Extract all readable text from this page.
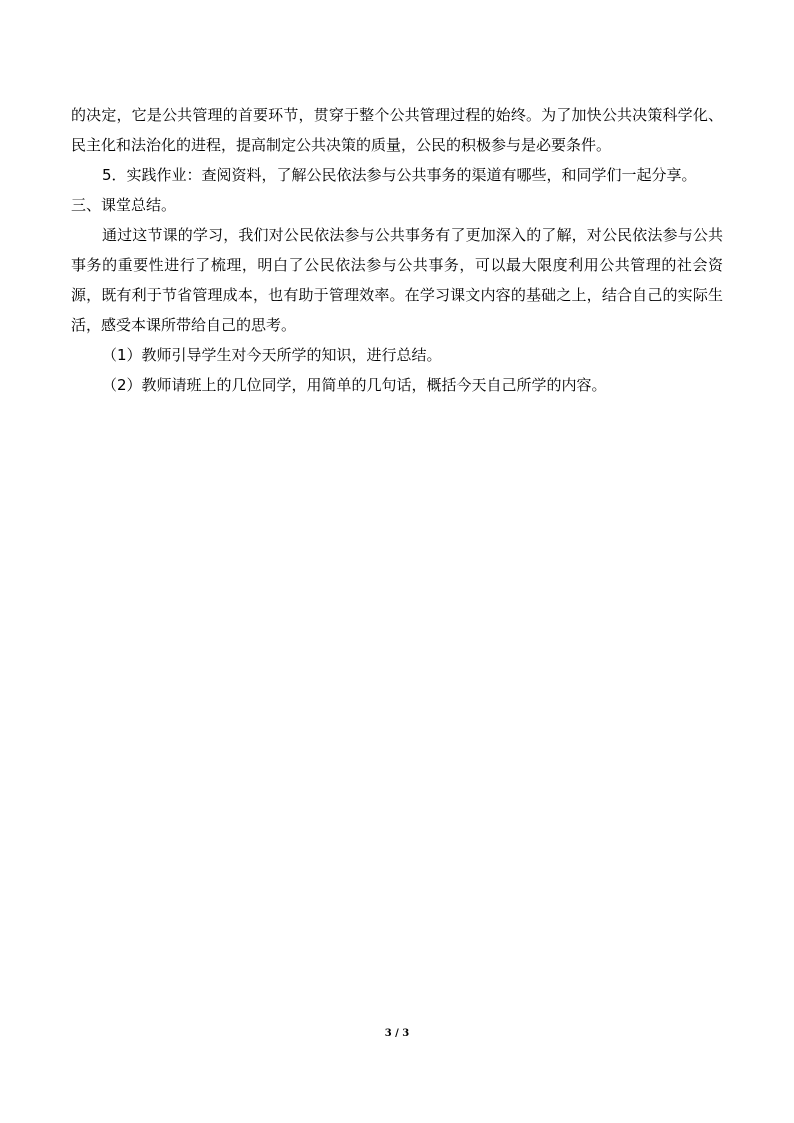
的决定，它是公共管理的首要环节，贯穿于整个公共管理过程的始终。为了加快公共决策科学化、民主化和法治化的进程，提高制定公共决策的质量，公民的积极参与是必要条件。

5．实践作业：查阅资料，了解公民依法参与公共事务的渠道有哪些，和同学们一起分享。

三、课堂总结。

通过这节课的学习，我们对公民依法参与公共事务有了更加深入的了解，对公民依法参与公共事务的重要性进行了梳理，明白了公民依法参与公共事务，可以最大限度利用公共管理的社会资源，既有利于节省管理成本，也有助于管理效率。在学习课文内容的基础之上，结合自己的实际生活，感受本课所带给自己的思考。

（1）教师引导学生对今天所学的知识，进行总结。

（2）教师请班上的几位同学，用简单的几句话，概括今天自己所学的内容。

3 / 3
